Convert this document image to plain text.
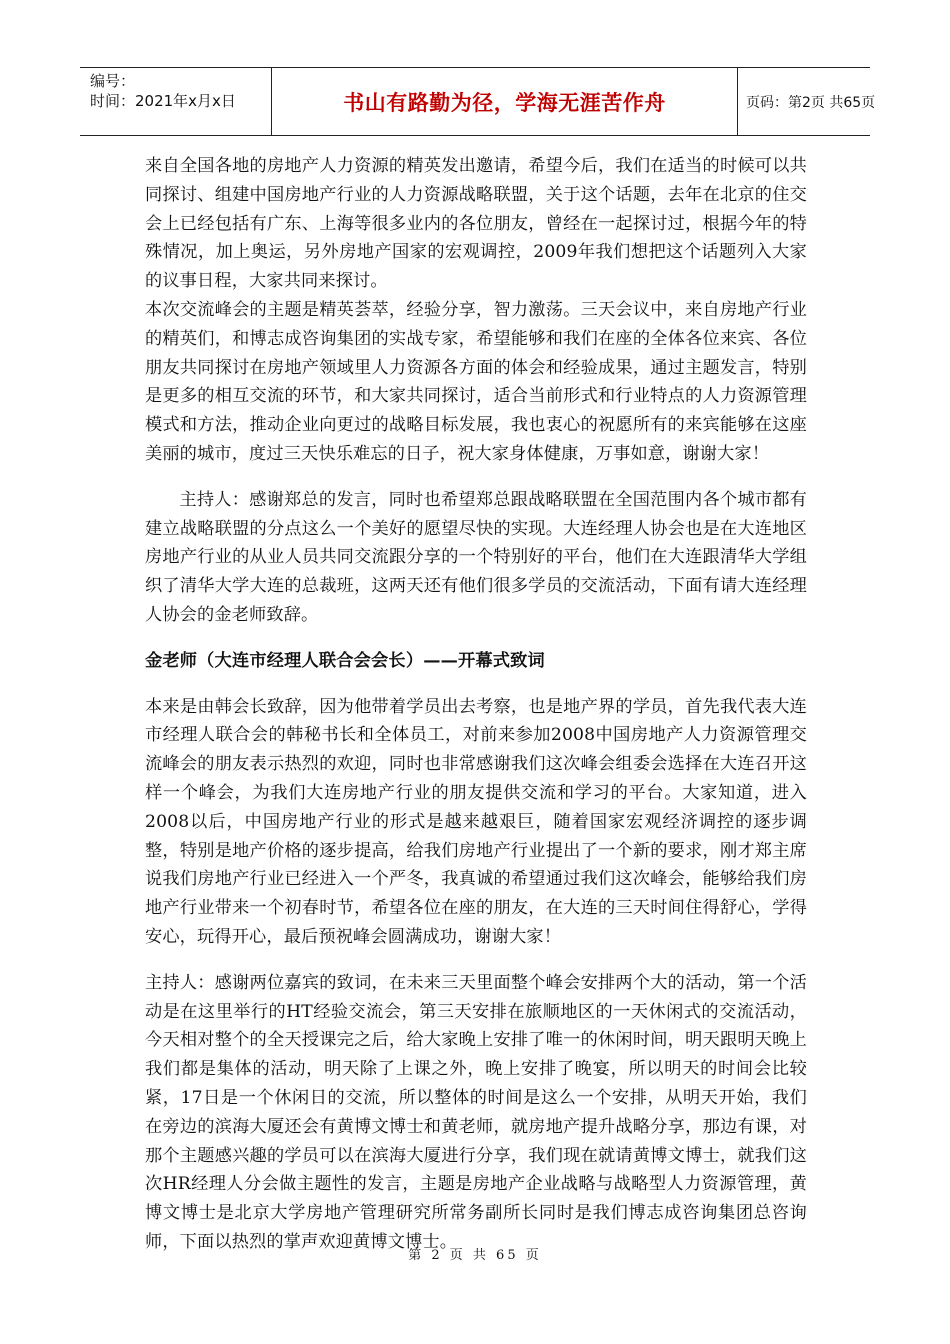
编号：
时间：2021年x月x日	书山有路勤为径，学海无涯苦作舟	页码：第2页 共65页

来自全国各地的房地产人力资源的精英发出邀请，希望今后，我们在适当的时候可以共同探讨、组建中国房地产行业的人力资源战略联盟，关于这个话题，去年在北京的住交会上已经包括有广东、上海等很多业内的各位朋友，曾经在一起探讨过，根据今年的特殊情况，加上奥运，另外房地产国家的宏观调控，2009年我们想把这个话题列入大家的议事日程，大家共同来探讨。

本次交流峰会的主题是精英荟萃，经验分享，智力激荡。三天会议中，来自房地产行业的精英们，和博志成咨询集团的实战专家，希望能够和我们在座的全体各位来宾、各位朋友共同探讨在房地产领域里人力资源各方面的体会和经验成果，通过主题发言，特别是更多的相互交流的环节，和大家共同探讨，适合当前形式和行业特点的人力资源管理模式和方法，推动企业向更过的战略目标发展，我也衷心的祝愿所有的来宾能够在这座美丽的城市，度过三天快乐难忘的日子，祝大家身体健康，万事如意，谢谢大家！

主持人：感谢郑总的发言，同时也希望郑总跟战略联盟在全国范围内各个城市都有建立战略联盟的分点这么一个美好的愿望尽快的实现。大连经理人协会也是在大连地区房地产行业的从业人员共同交流跟分享的一个特别好的平台，他们在大连跟清华大学组织了清华大学大连的总裁班，这两天还有他们很多学员的交流活动，下面有请大连经理人协会的金老师致辞。

金老师（大连市经理人联合会会长）——开幕式致词

本来是由韩会长致辞，因为他带着学员出去考察，也是地产界的学员，首先我代表大连市经理人联合会的韩秘书长和全体员工，对前来参加2008中国房地产人力资源管理交流峰会的朋友表示热烈的欢迎，同时也非常感谢我们这次峰会组委会选择在大连召开这样一个峰会，为我们大连房地产行业的朋友提供交流和学习的平台。大家知道，进入2008以后，中国房地产行业的形式是越来越艰巨，随着国家宏观经济调控的逐步调整，特别是地产价格的逐步提高，给我们房地产行业提出了一个新的要求，刚才郑主席说我们房地产行业已经进入一个严冬，我真诚的希望通过我们这次峰会，能够给我们房地产行业带来一个初春时节，希望各位在座的朋友，在大连的三天时间住得舒心，学得安心，玩得开心，最后预祝峰会圆满成功，谢谢大家！

主持人：感谢两位嘉宾的致词，在未来三天里面整个峰会安排两个大的活动，第一个活动是在这里举行的HT经验交流会，第三天安排在旅顺地区的一天休闲式的交流活动，今天相对整个的全天授课完之后，给大家晚上安排了唯一的休闲时间，明天跟明天晚上我们都是集体的活动，明天除了上课之外，晚上安排了晚宴，所以明天的时间会比较紧，17日是一个休闲日的交流，所以整体的时间是这么一个安排，从明天开始，我们在旁边的滨海大厦还会有黄博文博士和黄老师，就房地产提升战略分享，那边有课，对那个主题感兴趣的学员可以在滨海大厦进行分享，我们现在就请黄博文博士，就我们这次HR经理人分会做主题性的发言，主题是房地产企业战略与战略型人力资源管理，黄博文博士是北京大学房地产管理研究所常务副所长同时是我们博志成咨询集团总咨询师，下面以热烈的掌声欢迎黄博文博士。

第 2 页 共 65 页
